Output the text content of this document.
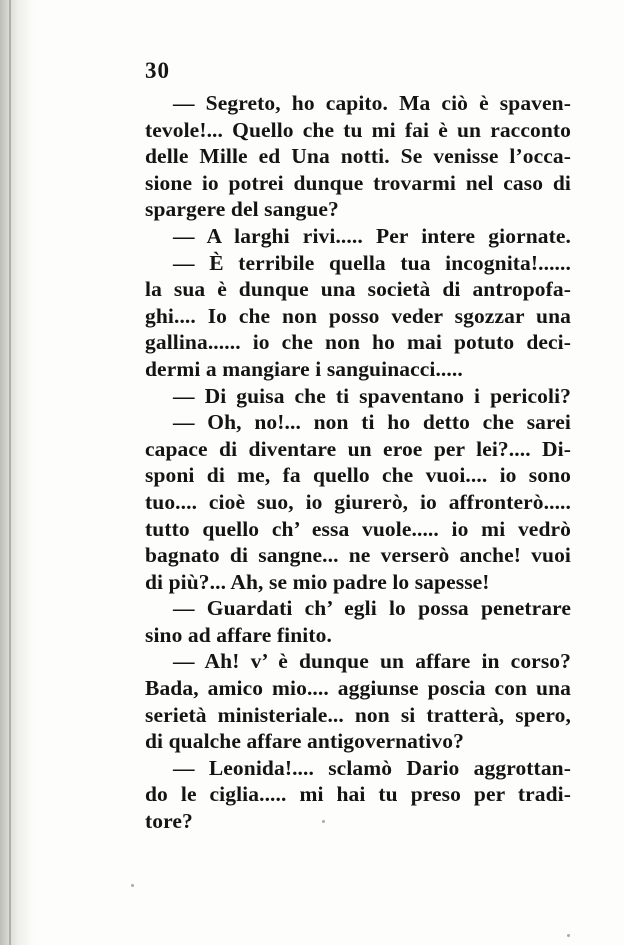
30
— Segreto, ho capito. Ma ciò è spaven-
tevole!... Quello che tu mi fai è un racconto
delle Mille ed Una notti. Se venisse l’occa-
sione io potrei dunque trovarmi nel caso di
spargere del sangue?
— A larghi rivi..... Per intere giornate.
— È terribile quella tua incognita!......
la sua è dunque una società di antropofa-
ghi.... Io che non posso veder sgozzar una
gallina...... io che non ho mai potuto deci-
dermi a mangiare i sanguinacci.....
— Di guisa che ti spaventano i pericoli?
— Oh, no!... non ti ho detto che sarei
capace di diventare un eroe per lei?.... Di-
sponi di me, fa quello che vuoi.... io sono
tuo.... cioè suo, io giurerò, io affronterò.....
tutto quello ch’ essa vuole..... io mi vedrò
bagnato di sangne... ne verserò anche! vuoi
di più?... Ah, se mio padre lo sapesse!
— Guardati ch’ egli lo possa penetrare
sino ad affare finito.
— Ah! v’ è dunque un affare in corso?
Bada, amico mio.... aggiunse poscia con una
serietà ministeriale... non si tratterà, spero,
di qualche affare antigovernativo?
— Leonida!.... sclamò Dario aggrottan-
do le ciglia..... mi hai tu preso per tradi-
tore?
